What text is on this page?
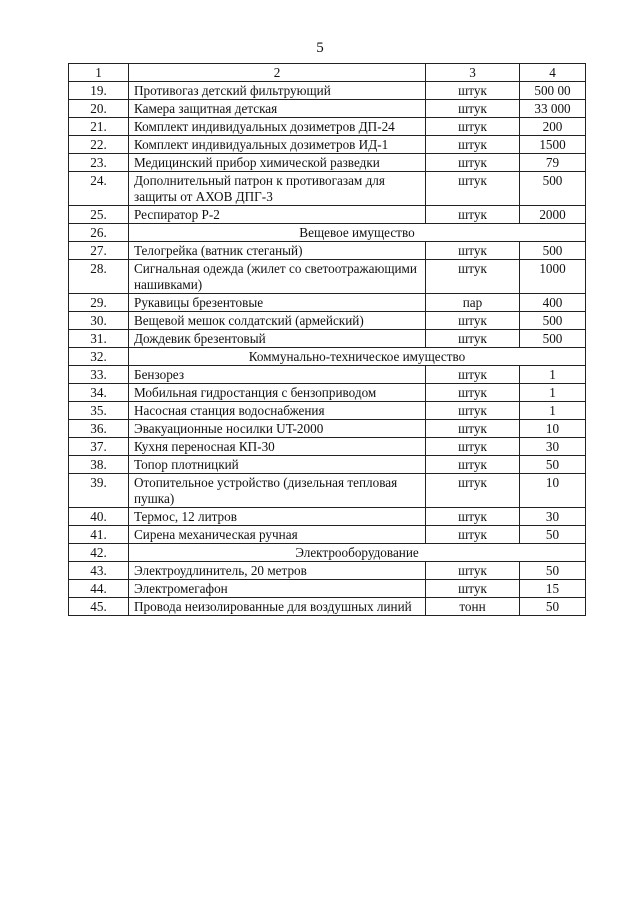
5
1	2	3	4
19.	Противогаз детский фильтрующий	штук	500 00
20.	Камера защитная детская	штук	33 000
21.	Комплект индивидуальных дозиметров ДП-24	штук	200
22.	Комплект индивидуальных дозиметров ИД-1	штук	1500
23.	Медицинский прибор химической разведки	штук	79
24.	Дополнительный патрон к противогазам для защиты от АХОВ ДПГ-3	штук	500
25.	Респиратор Р-2	штук	2000
26.	Вещевое имущество		
27.	Телогрейка (ватник стеганый)	штук	500
28.	Сигнальная одежда (жилет со светоотражающими нашивками)	штук	1000
29.	Рукавицы брезентовые	пар	400
30.	Вещевой мешок солдатский (армейский)	штук	500
31.	Дождевик брезентовый	штук	500
32.	Коммунально-техническое имущество		
33.	Бензорез	штук	1
34.	Мобильная гидростанция с бензоприводом	штук	1
35.	Насосная станция водоснабжения	штук	1
36.	Эвакуационные носилки UT-2000	штук	10
37.	Кухня переносная КП-30	штук	30
38.	Топор плотницкий	штук	50
39.	Отопительное устройство (дизельная тепловая пушка)	штук	10
40.	Термос, 12 литров	штук	30
41.	Сирена механическая ручная	штук	50
42.	Электрооборудование		
43.	Электроудлинитель, 20 метров	штук	50
44.	Электромегафон	штук	15
45.	Провода неизолированные для воздушных линий	тонн	50
